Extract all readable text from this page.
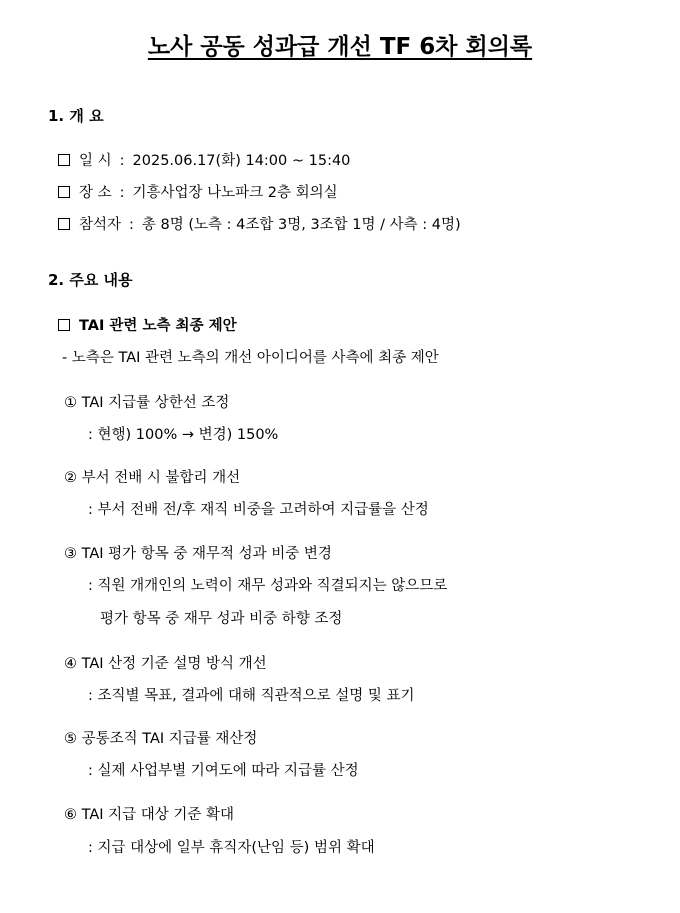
노사 공동 성과급 개선 TF 6차 회의록
1. 개 요
일 시 : 2025.06.17(화) 14:00 ~ 15:40
장 소 : 기흥사업장 나노파크 2층 회의실
참석자 : 총 8명 (노측 : 4조합 3명, 3조합 1명 / 사측 : 4명)
2. 주요 내용
TAI 관련 노측 최종 제안
- 노측은 TAI 관련 노측의 개선 아이디어를 사측에 최종 제안
① TAI 지급률 상한선 조정
: 현행) 100% → 변경) 150%
② 부서 전배 시 불합리 개선
: 부서 전배 전/후 재직 비중을 고려하여 지급률을 산정
③ TAI 평가 항목 중 재무적 성과 비중 변경
: 직원 개개인의 노력이 재무 성과와 직결되지는 않으므로
평가 항목 중 재무 성과 비중 하향 조정
④ TAI 산정 기준 설명 방식 개선
: 조직별 목표, 결과에 대해 직관적으로 설명 및 표기
⑤ 공통조직 TAI 지급률 재산정
: 실제 사업부별 기여도에 따라 지급률 산정
⑥ TAI 지급 대상 기준 확대
: 지급 대상에 일부 휴직자(난임 등) 범위 확대
